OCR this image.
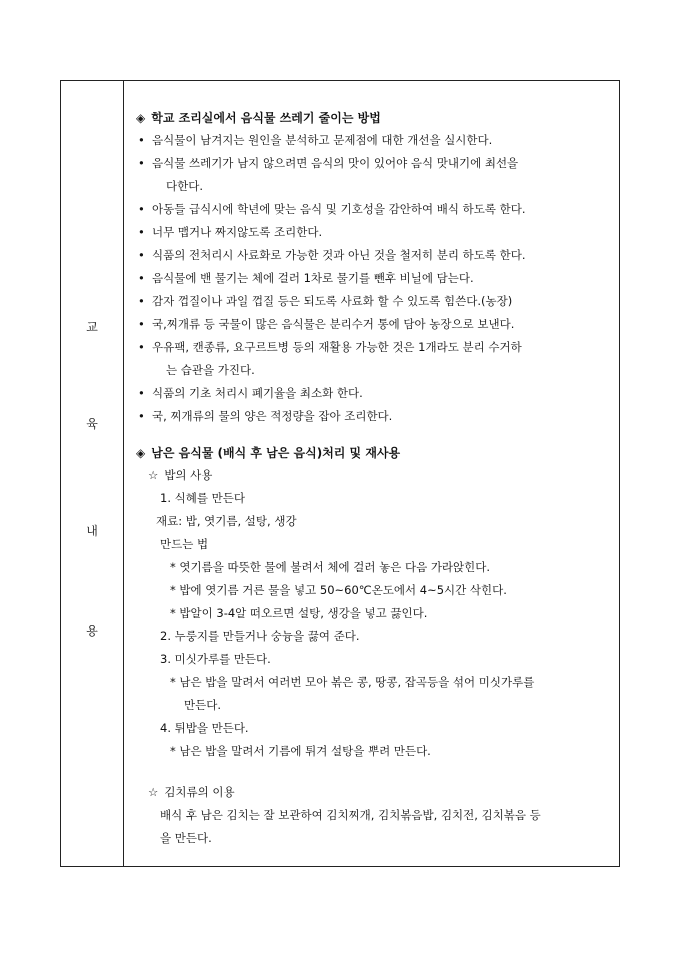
교
육
내
용
◈ 학교 조리실에서 음식물 쓰레기 줄이는 방법
• 음식물이 남겨지는 원인을 분석하고 문제점에 대한 개선을 실시한다.
• 음식물 쓰레기가 남지 않으려면 음식의 맛이 있어야 음식 맛내기에 최선을
다한다.
• 아동들 급식시에 학년에 맞는 음식 및 기호성을 감안하여 배식 하도록 한다.
• 너무 맵거나 짜지않도록 조리한다.
• 식품의 전처리시 사료화로 가능한 것과 아닌 것을 철저히 분리 하도록 한다.
• 음식물에 밴 물기는 체에 걸러 1차로 물기를 뺀후 비닐에 담는다.
• 감자 껍질이나 과일 껍질 등은 되도록 사료화 할 수 있도록 힘쓴다.(농장)
• 국,찌개류 등 국물이 많은 음식물은 분리수거 통에 담아 농장으로 보낸다.
• 우유팩, 캔종류, 요구르트병 등의 재활용 가능한 것은 1개라도 분리 수거하
는 습관을 가진다.
• 식품의 기초 처리시 폐기율을 최소화 한다.
• 국, 찌개류의 물의 양은 적정량을 잡아 조리한다.
◈ 남은 음식물 (배식 후 남은 음식)처리 및 재사용
☆ 밥의 사용
1. 식혜를 만든다
재료: 밥, 엿기름, 설탕, 생강
만드는 법
* 엿기름을 따뜻한 물에 불려서 체에 걸러 놓은 다음 가라앉힌다.
* 밥에 엿기름 거른 물을 넣고 50~60℃온도에서 4~5시간 삭힌다.
* 밥알이 3-4알 떠오르면 설탕, 생강을 넣고 끓인다.
2. 누룽지를 만들거나 숭늉을 끓여 준다.
3. 미싯가루를 만든다.
* 남은 밥을 말려서 여러번 모아 볶은 콩, 땅콩, 잡곡등을 섞어 미싯가루를
만든다.
4. 튀밥을 만든다.
* 남은 밥을 말려서 기름에 튀겨 설탕을 뿌려 만든다.
☆ 김치류의 이용
배식 후 남은 김치는 잘 보관하여 김치찌개, 김치볶음밥, 김치전, 김치볶음 등
을 만든다.
